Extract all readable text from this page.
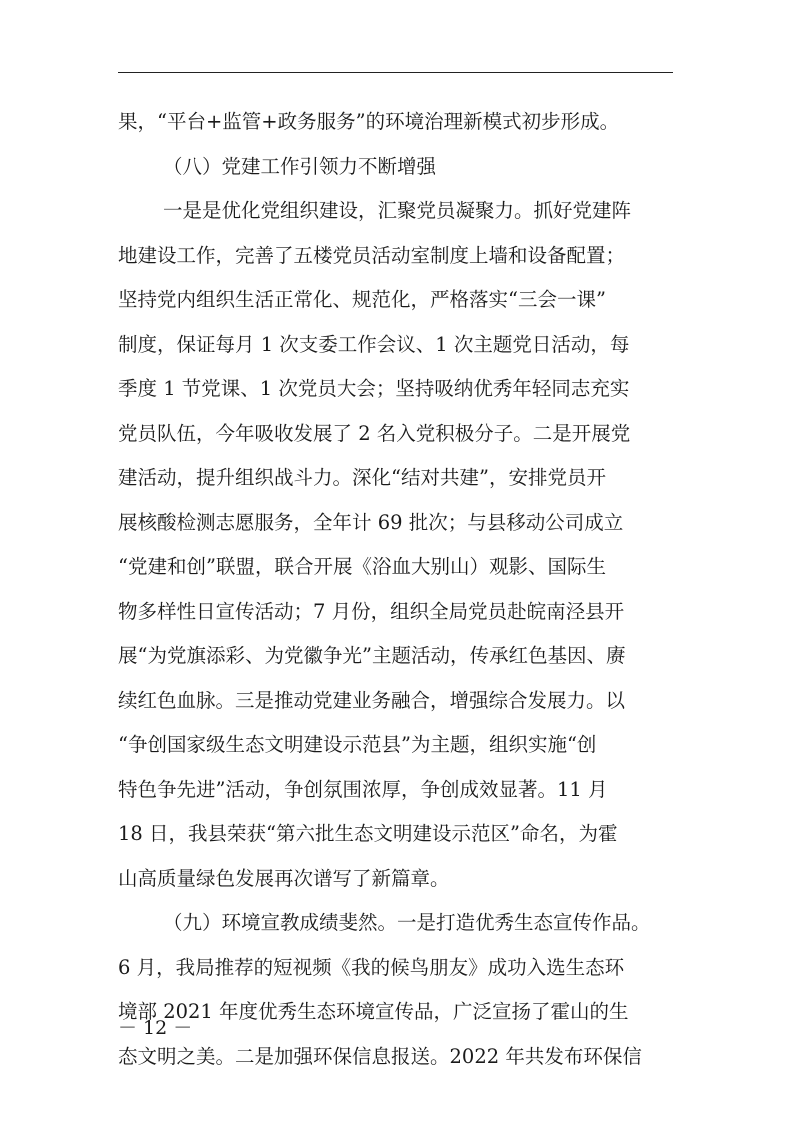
果，“平台+监管+政务服务”的环境治理新模式初步形成。
（八）党建工作引领力不断增强
一是是优化党组织建设，汇聚党员凝聚力。抓好党建阵
地建设工作，完善了五楼党员活动室制度上墙和设备配置；
坚持党内组织生活正常化、规范化，严格落实“三会一课”
制度，保证每月 1 次支委工作会议、1 次主题党日活动，每
季度 1 节党课、1 次党员大会；坚持吸纳优秀年轻同志充实
党员队伍，今年吸收发展了 2 名入党积极分子。二是开展党
建活动，提升组织战斗力。深化“结对共建”，安排党员开
展核酸检测志愿服务，全年计 69 批次；与县移动公司成立
“党建和创”联盟，联合开展《浴血大别山）观影、国际生
物多样性日宣传活动；7 月份，组织全局党员赴皖南泾县开
展“为党旗添彩、为党徽争光”主题活动，传承红色基因、赓
续红色血脉。三是推动党建业务融合，增强综合发展力。以
“争创国家级生态文明建设示范县”为主题，组织实施“创
特色争先进”活动，争创氛围浓厚，争创成效显著。11 月
18 日，我县荣获“第六批生态文明建设示范区”命名，为霍
山高质量绿色发展再次谱写了新篇章。
（九）环境宣教成绩斐然。一是打造优秀生态宣传作品。
6 月，我局推荐的短视频《我的候鸟朋友》成功入选生态环
境部 2021 年度优秀生态环境宣传品，广泛宣扬了霍山的生
态文明之美。二是加强环保信息报送。2022 年共发布环保信
－ 12 －
